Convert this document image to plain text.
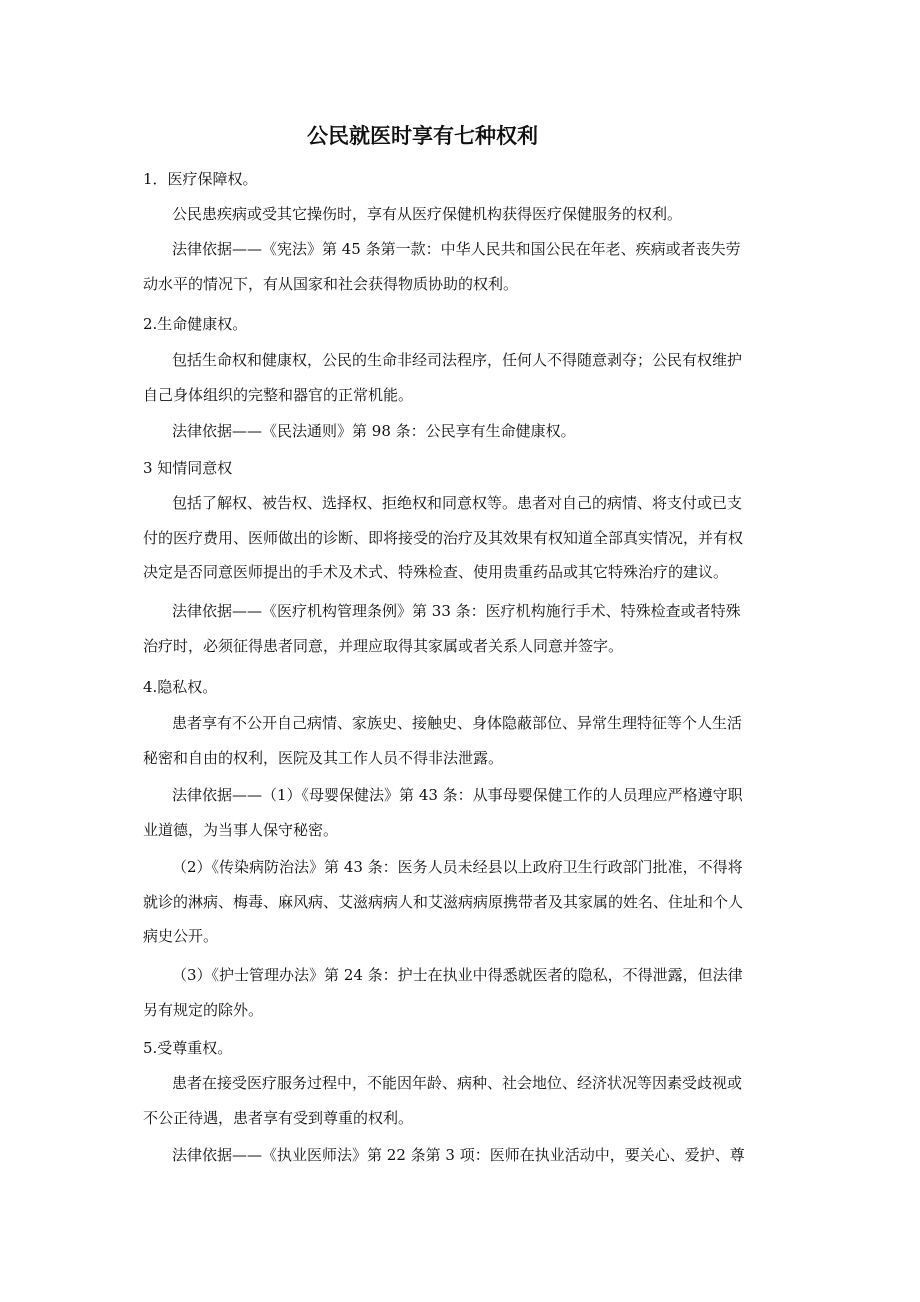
公民就医时享有七种权利
1．医疗保障权。
公民患疾病或受其它操伤时，享有从医疗保健机构获得医疗保健服务的权利。
法律依据——《宪法》第 45 条第一款：中华人民共和国公民在年老、疾病或者丧失劳
动水平的情况下，有从国家和社会获得物质协助的权利。
2.生命健康权。
包括生命权和健康权，公民的生命非经司法程序，任何人不得随意剥夺；公民有权维护
自己身体组织的完整和器官的正常机能。
法律依据——《民法通则》第 98 条：公民享有生命健康权。
3 知情同意权
包括了解权、被告权、选择权、拒绝权和同意权等。患者对自己的病情、将支付或已支
付的医疗费用、医师做出的诊断、即将接受的治疗及其效果有权知道全部真实情况，并有权
决定是否同意医师提出的手术及术式、特殊检查、使用贵重药品或其它特殊治疗的建议。
法律依据——《医疗机构管理条例》第 33 条：医疗机构施行手术、特殊检查或者特殊
治疗时，必须征得患者同意，并理应取得其家属或者关系人同意并签字。
4.隐私权。
患者享有不公开自己病情、家族史、接触史、身体隐蔽部位、异常生理特征等个人生活
秘密和自由的权利，医院及其工作人员不得非法泄露。
法律依据——（1）《母婴保健法》第 43 条：从事母婴保健工作的人员理应严格遵守职
业道德，为当事人保守秘密。
（2）《传染病防治法》第 43 条：医务人员未经县以上政府卫生行政部门批准，不得将
就诊的淋病、梅毒、麻风病、艾滋病病人和艾滋病病原携带者及其家属的姓名、住址和个人
病史公开。
（3）《护士管理办法》第 24 条：护士在执业中得悉就医者的隐私，不得泄露，但法律
另有规定的除外。
5.受尊重权。
患者在接受医疗服务过程中，不能因年龄、病种、社会地位、经济状况等因素受歧视或
不公正待遇，患者享有受到尊重的权利。
法律依据——《执业医师法》第 22 条第 3 项：医师在执业活动中，要关心、爱护、尊
